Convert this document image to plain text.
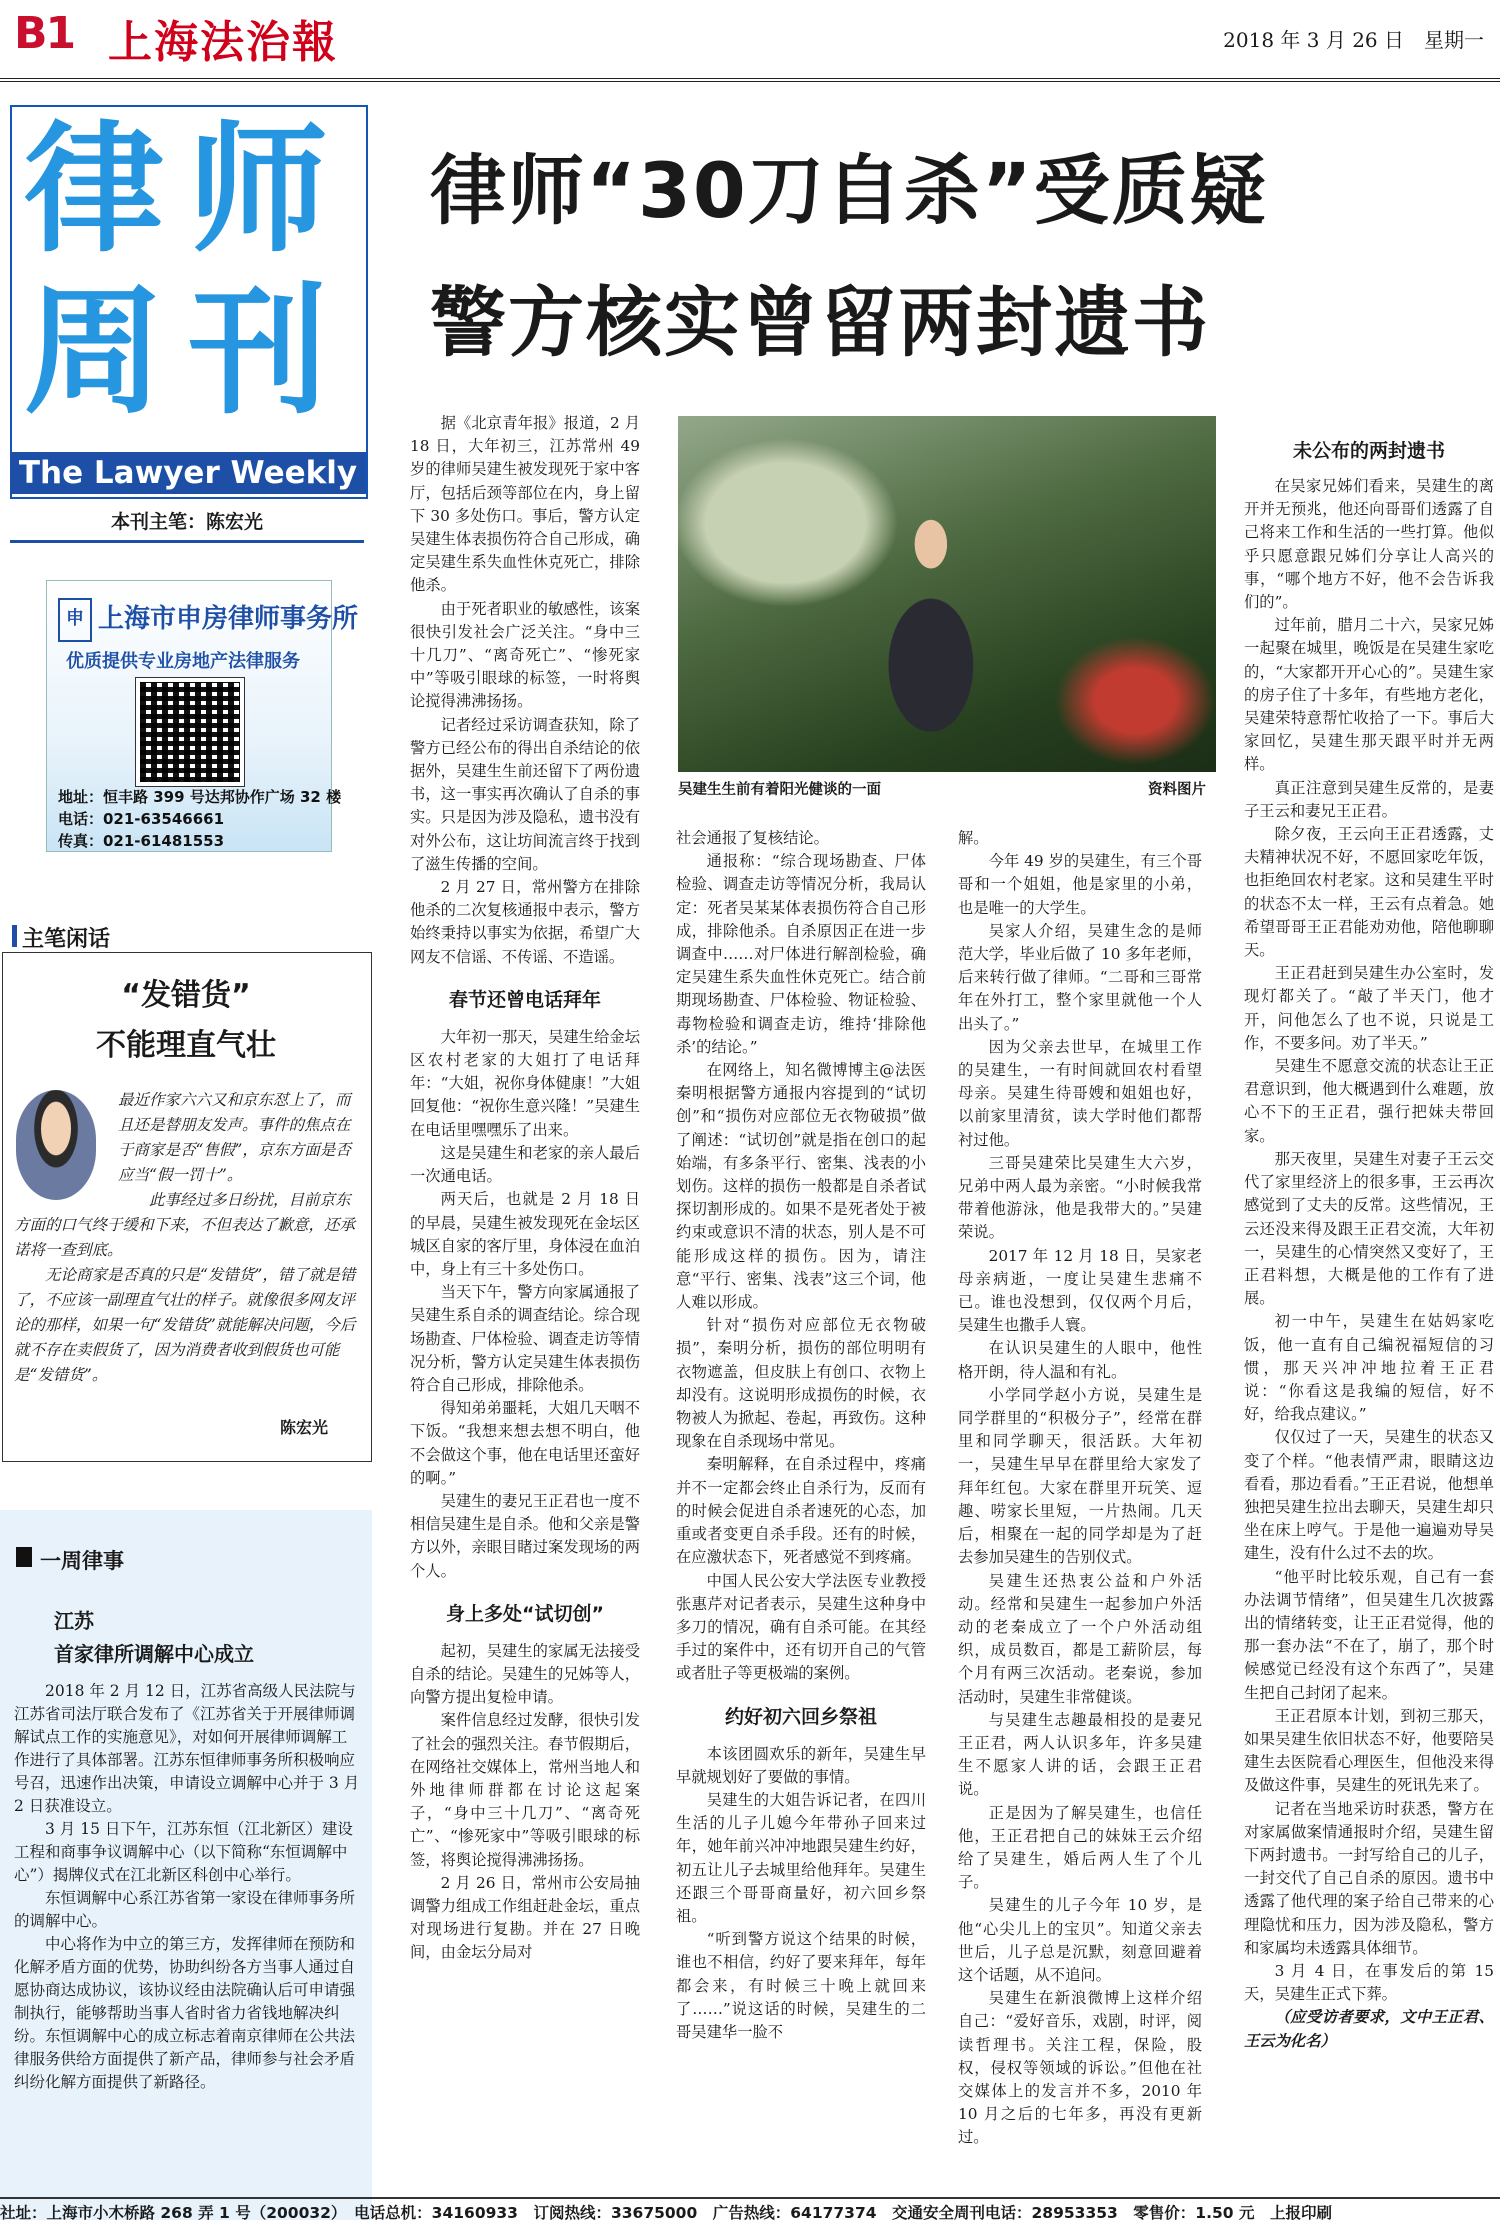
B1 上海法治報	2018 年 3 月 26 日　星期一
律师
周刊
The Lawyer Weekly
本刊主笔：陈宏光
申 上海市申房律师事务所
优质提供专业房地产法律服务
地址：恒丰路 399 号达邦协作广场 32 楼
电话：021-63546661
传真：021-61481553
主笔闲话
“发错货”
不能理直气壮

最近作家六六又和京东怼上了，而且还是替朋友发声。事件的焦点在于商家是否“售假”，京东方面是否应当“假一罚十”。

此事经过多日纷扰，目前京东方面的口气终于缓和下来，不但表达了歉意，还承诺将一查到底。

无论商家是否真的只是“发错货”，错了就是错了，不应该一副理直气壮的样子。就像很多网友评论的那样，如果一句“发错货”就能解决问题，今后就不存在卖假货了，因为消费者收到假货也可能是“发错货”。

陈宏光
一周律事
江苏
首家律所调解中心成立

2018 年 2 月 12 日，江苏省高级人民法院与江苏省司法厅联合发布了《江苏省关于开展律师调解试点工作的实施意见》，对如何开展律师调解工作进行了具体部署。江苏东恒律师事务所积极响应号召，迅速作出决策，申请设立调解中心并于 3 月 2 日获准设立。

3 月 15 日下午，江苏东恒（江北新区）建设工程和商事争议调解中心（以下简称“东恒调解中心”）揭牌仪式在江北新区科创中心举行。

东恒调解中心系江苏省第一家设在律师事务所的调解中心。

中心将作为中立的第三方，发挥律师在预防和化解矛盾方面的优势，协助纠纷各方当事人通过自愿协商达成协议，该协议经由法院确认后可申请强制执行，能够帮助当事人省时省力省钱地解决纠纷。东恒调解中心的成立标志着南京律师在公共法律服务供给方面提供了新产品，律师参与社会矛盾纠纷化解方面提供了新路径。

律师“30刀自杀”受质疑
警方核实曾留两封遗书

据《北京青年报》报道，2 月 18 日，大年初三，江苏常州 49 岁的律师吴建生被发现死于家中客厅，包括后颈等部位在内，身上留下 30 多处伤口。事后，警方认定吴建生体表损伤符合自己形成，确定吴建生系失血性休克死亡，排除他杀。

由于死者职业的敏感性，该案很快引发社会广泛关注。“身中三十几刀”、“离奇死亡”、“惨死家中”等吸引眼球的标签，一时将舆论搅得沸沸扬扬。

记者经过采访调查获知，除了警方已经公布的得出自杀结论的依据外，吴建生生前还留下了两份遗书，这一事实再次确认了自杀的事实。只是因为涉及隐私，遗书没有对外公布，这让坊间流言终于找到了滋生传播的空间。

2 月 27 日，常州警方在排除他杀的二次复核通报中表示，警方始终秉持以事实为依据，希望广大网友不信谣、不传谣、不造谣。

春节还曾电话拜年

大年初一那天，吴建生给金坛区农村老家的大姐打了电话拜年：“大姐，祝你身体健康！”大姐回复他：“祝你生意兴隆！”吴建生在电话里嘿嘿乐了出来。

这是吴建生和老家的亲人最后一次通电话。

两天后，也就是 2 月 18 日的早晨，吴建生被发现死在金坛区城区自家的客厅里，身体浸在血泊中，身上有三十多处伤口。

当天下午，警方向家属通报了吴建生系自杀的调查结论。综合现场勘查、尸体检验、调查走访等情况分析，警方认定吴建生体表损伤符合自己形成，排除他杀。

得知弟弟噩耗，大姐几天咽不下饭。“我想来想去想不明白，他不会做这个事，他在电话里还蛮好的啊。”

吴建生的妻兄王正君也一度不相信吴建生是自杀。他和父亲是警方以外，亲眼目睹过案发现场的两个人。

身上多处“试切创”

起初，吴建生的家属无法接受自杀的结论。吴建生的兄姊等人，向警方提出复检申请。

案件信息经过发酵，很快引发了社会的强烈关注。春节假期后，在网络社交媒体上，常州当地人和外地律师群都在讨论这起案子，“身中三十几刀”、“离奇死亡”、“惨死家中”等吸引眼球的标签，将舆论搅得沸沸扬扬。

2 月 26 日，常州市公安局抽调警力组成工作组赶赴金坛，重点对现场进行复勘。并在 27 日晚间，由金坛分局对

吴建生生前有着阳光健谈的一面	资料图片

社会通报了复核结论。

通报称：“综合现场勘查、尸体检验、调查走访等情况分析，我局认定：死者吴某某体表损伤符合自己形成，排除他杀。自杀原因正在进一步调查中……对尸体进行解剖检验，确定吴建生系失血性休克死亡。结合前期现场勘查、尸体检验、物证检验、毒物检验和调查走访，维持‘排除他杀’的结论。”

在网络上，知名微博博主@法医秦明根据警方通报内容提到的“试切创”和“损伤对应部位无衣物破损”做了阐述：“试切创”就是指在创口的起始端，有多条平行、密集、浅表的小划伤。这样的损伤一般都是自杀者试探切割形成的。如果不是死者处于被约束或意识不清的状态，别人是不可能形成这样的损伤。因为，请注意“平行、密集、浅表”这三个词，他人难以形成。

针对“损伤对应部位无衣物破损”，秦明分析，损伤的部位明明有衣物遮盖，但皮肤上有创口、衣物上却没有。这说明形成损伤的时候，衣物被人为掀起、卷起，再致伤。这种现象在自杀现场中常见。

秦明解释，在自杀过程中，疼痛并不一定都会终止自杀行为，反而有的时候会促进自杀者速死的心态，加重或者变更自杀手段。还有的时候，在应激状态下，死者感觉不到疼痛。

中国人民公安大学法医专业教授张惠芹对记者表示，吴建生这种身中多刀的情况，确有自杀可能。在其经手过的案件中，还有切开自己的气管或者肚子等更极端的案例。

约好初六回乡祭祖

本该团圆欢乐的新年，吴建生早早就规划好了要做的事情。

吴建生的大姐告诉记者，在四川生活的儿子儿媳今年带孙子回来过年，她年前兴冲冲地跟吴建生约好，初五让儿子去城里给他拜年。吴建生还跟三个哥哥商量好，初六回乡祭祖。

“听到警方说这个结果的时候，谁也不相信，约好了要来拜年，每年都会来，有时候三十晚上就回来了……”说这话的时候，吴建生的二哥吴建华一脸不

解。

今年 49 岁的吴建生，有三个哥哥和一个姐姐，他是家里的小弟，也是唯一的大学生。

吴家人介绍，吴建生念的是师范大学，毕业后做了 10 多年老师，后来转行做了律师。“二哥和三哥常年在外打工，整个家里就他一个人出头了。”

因为父亲去世早，在城里工作的吴建生，一有时间就回农村看望母亲。吴建生待哥嫂和姐姐也好，以前家里清贫，读大学时他们都帮衬过他。

三哥吴建荣比吴建生大六岁，兄弟中两人最为亲密。“小时候我常带着他游泳，他是我带大的。”吴建荣说。

2017 年 12 月 18 日，吴家老母亲病逝，一度让吴建生悲痛不已。谁也没想到，仅仅两个月后，吴建生也撒手人寰。

在认识吴建生的人眼中，他性格开朗，待人温和有礼。

小学同学赵小方说，吴建生是同学群里的“积极分子”，经常在群里和同学聊天，很活跃。大年初一，吴建生早早在群里给大家发了拜年红包。大家在群里开玩笑、逗趣、唠家长里短，一片热闹。几天后，相聚在一起的同学却是为了赶去参加吴建生的告别仪式。

吴建生还热衷公益和户外活动。经常和吴建生一起参加户外活动的老秦成立了一个户外活动组织，成员数百，都是工薪阶层，每个月有两三次活动。老秦说，参加活动时，吴建生非常健谈。

与吴建生志趣最相投的是妻兄王正君，两人认识多年，许多吴建生不愿家人讲的话，会跟王正君说。

正是因为了解吴建生，也信任他，王正君把自己的妹妹王云介绍给了吴建生，婚后两人生了个儿子。

吴建生的儿子今年 10 岁，是他“心尖儿上的宝贝”。知道父亲去世后，儿子总是沉默，刻意回避着这个话题，从不追问。

吴建生在新浪微博上这样介绍自己：“爱好音乐，戏剧，时评，阅读哲理书。关注工程，保险，股权，侵权等领域的诉讼。”但他在社交媒体上的发言并不多，2010 年 10 月之后的七年多，再没有更新过。

未公布的两封遗书

在吴家兄姊们看来，吴建生的离开并无预兆，他还向哥哥们透露了自己将来工作和生活的一些打算。他似乎只愿意跟兄姊们分享让人高兴的事，“哪个地方不好，他不会告诉我们的”。

过年前，腊月二十六，吴家兄姊一起聚在城里，晚饭是在吴建生家吃的，“大家都开开心心的”。吴建生家的房子住了十多年，有些地方老化，吴建荣特意帮忙收拾了一下。事后大家回忆，吴建生那天跟平时并无两样。

真正注意到吴建生反常的，是妻子王云和妻兄王正君。

除夕夜，王云向王正君透露，丈夫精神状况不好，不愿回家吃年饭，也拒绝回农村老家。这和吴建生平时的状态不太一样，王云有点着急。她希望哥哥王正君能劝劝他，陪他聊聊天。

王正君赶到吴建生办公室时，发现灯都关了。“敲了半天门，他才开，问他怎么了也不说，只说是工作，不要多问。劝了半天。”

吴建生不愿意交流的状态让王正君意识到，他大概遇到什么难题，放心不下的王正君，强行把妹夫带回家。

那天夜里，吴建生对妻子王云交代了家里经济上的很多事，王云再次感觉到了丈夫的反常。这些情况，王云还没来得及跟王正君交流，大年初一，吴建生的心情突然又变好了，王正君料想，大概是他的工作有了进展。

初一中午，吴建生在姑妈家吃饭，他一直有自己编祝福短信的习惯，那天兴冲冲地拉着王正君说：“你看这是我编的短信，好不好，给我点建议。”

仅仅过了一天，吴建生的状态又变了个样。“他表情严肃，眼睛这边看看，那边看看。”王正君说，他想单独把吴建生拉出去聊天，吴建生却只坐在床上哼气。于是他一遍遍劝导吴建生，没有什么过不去的坎。

“他平时比较乐观，自己有一套办法调节情绪”，但吴建生几次披露出的情绪转变，让王正君觉得，他的那一套办法“不在了，崩了，那个时候感觉已经没有这个东西了”，吴建生把自己封闭了起来。

王正君原本计划，到初三那天，如果吴建生依旧状态不好，他要陪吴建生去医院看心理医生，但他没来得及做这件事，吴建生的死讯先来了。

记者在当地采访时获悉，警方在对家属做案情通报时介绍，吴建生留下两封遗书。一封写给自己的儿子，一封交代了自己自杀的原因。遗书中透露了他代理的案子给自己带来的心理隐忧和压力，因为涉及隐私，警方和家属均未透露具体细节。

3 月 4 日，在事发后的第 15 天，吴建生正式下葬。

（应受访者要求，文中王正君、王云为化名）

社址：上海市小木桥路 268 弄 1 号（200032）　电话总机：34160933　订阅热线：33675000　广告热线：64177374　交通安全周刊电话：28953353　零售价：1.50 元　上报印刷
